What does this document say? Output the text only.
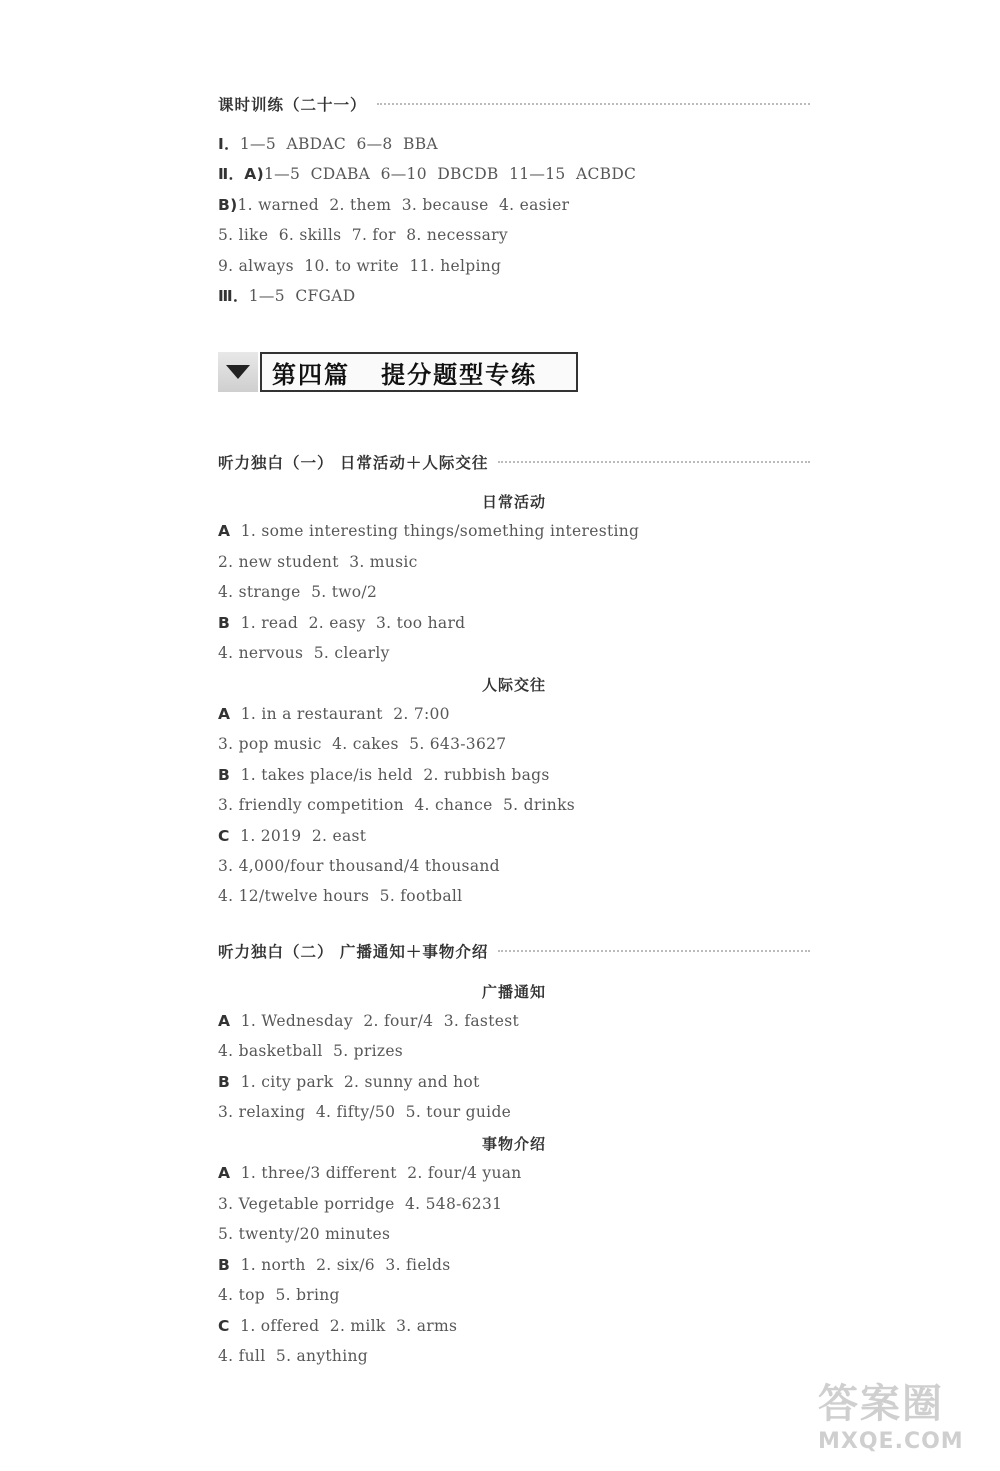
课时训练（二十一）
Ⅰ．1—5  ABDAC  6—8  BBA
Ⅱ．A)1—5  CDABA  6—10  DBCDB  11—15  ACBDC
B)1. warned  2. them  3. because  4. easier
5. like  6. skills  7. for  8. necessary
9. always  10. to write  11. helping
Ⅲ．1—5  CFGAD
第四篇   提分题型专练
听力独白（一） 日常活动＋人际交往
日常活动
A 1. some interesting things/something interesting
2. new student  3. music
4. strange  5. two/2
B 1. read  2. easy  3. too hard
4. nervous  5. clearly
人际交往
A 1. in a restaurant  2. 7:00
3. pop music  4. cakes  5. 643-3627
B 1. takes place/is held  2. rubbish bags
3. friendly competition  4. chance  5. drinks
C 1. 2019  2. east
3. 4,000/four thousand/4 thousand
4. 12/twelve hours  5. football
听力独白（二） 广播通知＋事物介绍
广播通知
A 1. Wednesday  2. four/4  3. fastest
4. basketball  5. prizes
B 1. city park  2. sunny and hot
3. relaxing  4. fifty/50  5. tour guide
事物介绍
A 1. three/3 different  2. four/4 yuan
3. Vegetable porridge  4. 548-6231
5. twenty/20 minutes
B 1. north  2. six/6  3. fields
4. top  5. bring
C 1. offered  2. milk  3. arms
4. full  5. anything
答案圈
MXQE.COM
